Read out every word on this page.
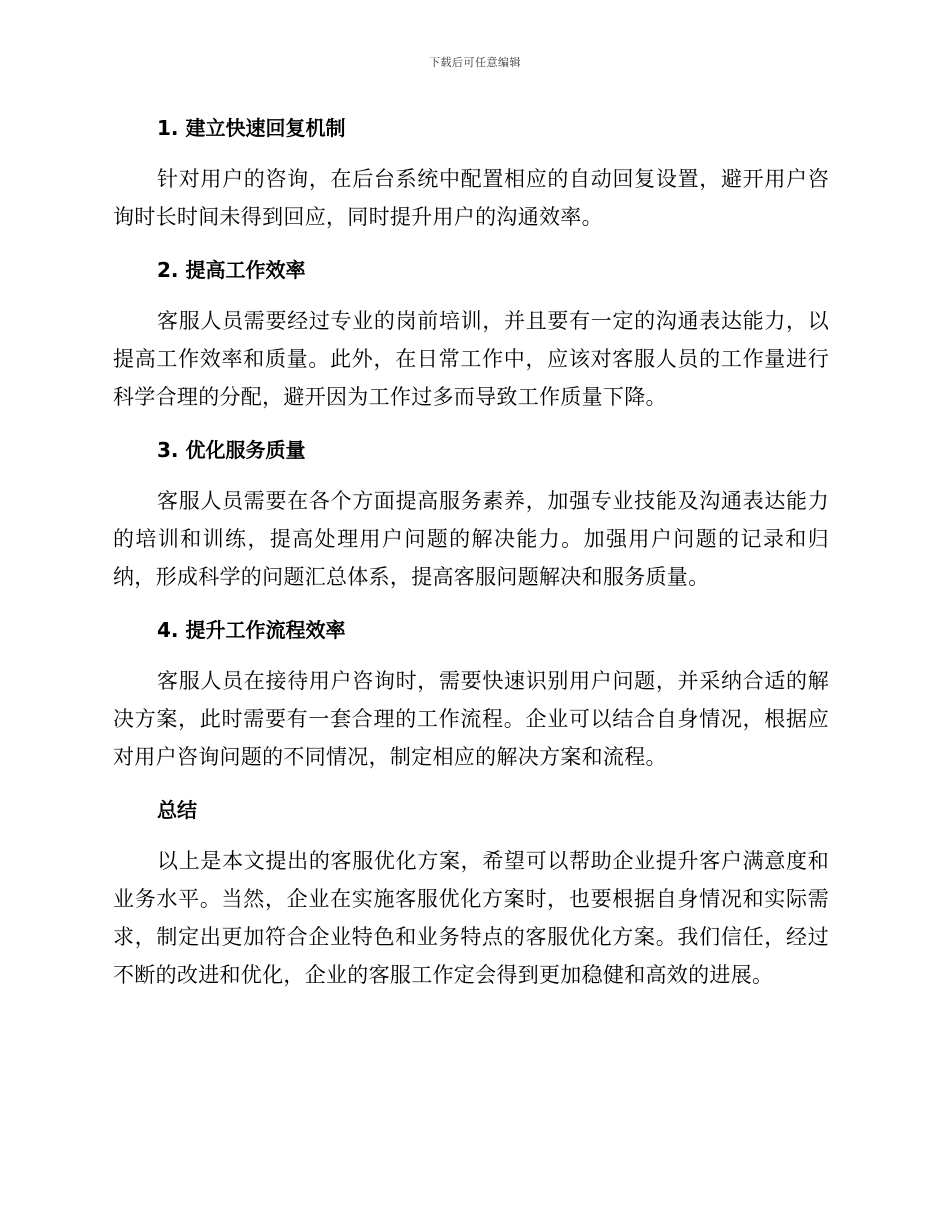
下载后可任意编辑
1. 建立快速回复机制

针对用户的咨询，在后台系统中配置相应的自动回复设置，避开用户咨询时长时间未得到回应，同时提升用户的沟通效率。

2. 提高工作效率

客服人员需要经过专业的岗前培训，并且要有一定的沟通表达能力，以提高工作效率和质量。此外，在日常工作中，应该对客服人员的工作量进行科学合理的分配，避开因为工作过多而导致工作质量下降。

3. 优化服务质量

客服人员需要在各个方面提高服务素养，加强专业技能及沟通表达能力的培训和训练，提高处理用户问题的解决能力。加强用户问题的记录和归纳，形成科学的问题汇总体系，提高客服问题解决和服务质量。

4. 提升工作流程效率

客服人员在接待用户咨询时，需要快速识别用户问题，并采纳合适的解决方案，此时需要有一套合理的工作流程。企业可以结合自身情况，根据应对用户咨询问题的不同情况，制定相应的解决方案和流程。

总结

以上是本文提出的客服优化方案，希望可以帮助企业提升客户满意度和业务水平。当然，企业在实施客服优化方案时，也要根据自身情况和实际需求，制定出更加符合企业特色和业务特点的客服优化方案。我们信任，经过不断的改进和优化，企业的客服工作定会得到更加稳健和高效的进展。
